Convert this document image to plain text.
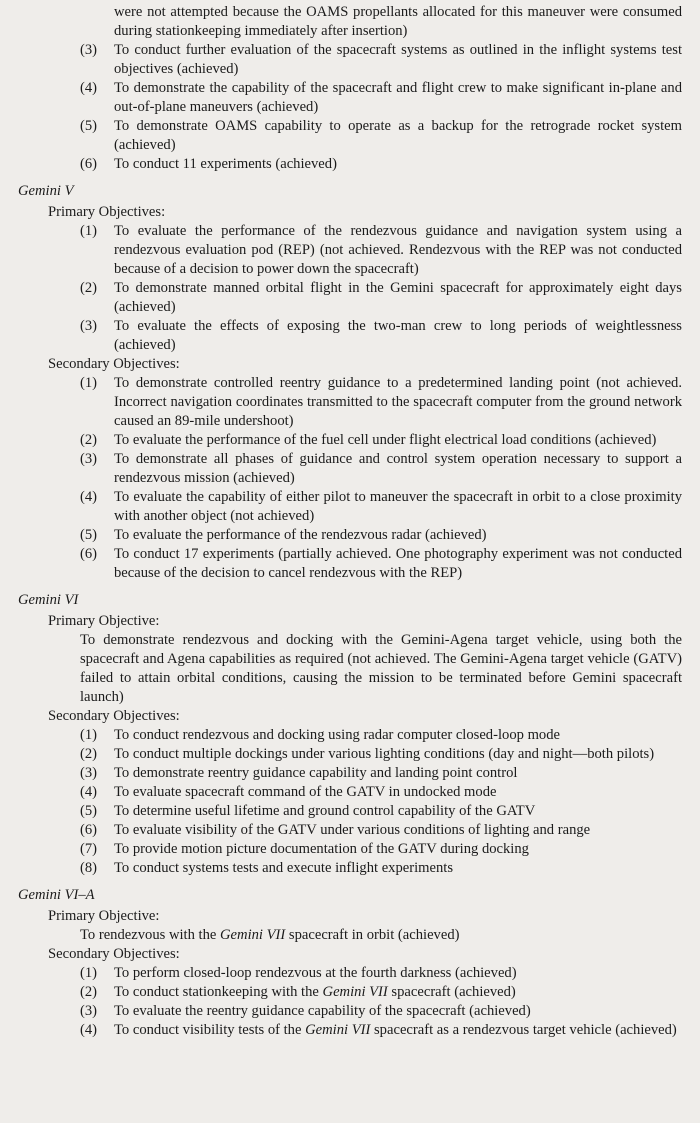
were not attempted because the OAMS propellants allocated for this maneuver were consumed during stationkeeping immediately after insertion)
(3) To conduct further evaluation of the spacecraft systems as outlined in the inflight systems test objectives (achieved)
(4) To demonstrate the capability of the spacecraft and flight crew to make significant in-plane and out-of-plane maneuvers (achieved)
(5) To demonstrate OAMS capability to operate as a backup for the retrograde rocket system (achieved)
(6) To conduct 11 experiments (achieved)
Gemini V
Primary Objectives:
(1) To evaluate the performance of the rendezvous guidance and navigation system using a rendezvous evaluation pod (REP) (not achieved. Rendezvous with the REP was not conducted because of a decision to power down the spacecraft)
(2) To demonstrate manned orbital flight in the Gemini spacecraft for approximately eight days (achieved)
(3) To evaluate the effects of exposing the two-man crew to long periods of weightlessness (achieved)
Secondary Objectives:
(1) To demonstrate controlled reentry guidance to a predetermined landing point (not achieved. Incorrect navigation coordinates transmitted to the spacecraft computer from the ground network caused an 89-mile undershoot)
(2) To evaluate the performance of the fuel cell under flight electrical load conditions (achieved)
(3) To demonstrate all phases of guidance and control system operation necessary to support a rendezvous mission (achieved)
(4) To evaluate the capability of either pilot to maneuver the spacecraft in orbit to a close proximity with another object (not achieved)
(5) To evaluate the performance of the rendezvous radar (achieved)
(6) To conduct 17 experiments (partially achieved. One photography experiment was not conducted because of the decision to cancel rendezvous with the REP)
Gemini VI
Primary Objective:
To demonstrate rendezvous and docking with the Gemini-Agena target vehicle, using both the spacecraft and Agena capabilities as required (not achieved. The Gemini-Agena target vehicle (GATV) failed to attain orbital conditions, causing the mission to be terminated before Gemini spacecraft launch)
Secondary Objectives:
(1) To conduct rendezvous and docking using radar computer closed-loop mode
(2) To conduct multiple dockings under various lighting conditions (day and night—both pilots)
(3) To demonstrate reentry guidance capability and landing point control
(4) To evaluate spacecraft command of the GATV in undocked mode
(5) To determine useful lifetime and ground control capability of the GATV
(6) To evaluate visibility of the GATV under various conditions of lighting and range
(7) To provide motion picture documentation of the GATV during docking
(8) To conduct systems tests and execute inflight experiments
Gemini VI–A
Primary Objective:
To rendezvous with the Gemini VII spacecraft in orbit (achieved)
Secondary Objectives:
(1) To perform closed-loop rendezvous at the fourth darkness (achieved)
(2) To conduct stationkeeping with the Gemini VII spacecraft (achieved)
(3) To evaluate the reentry guidance capability of the spacecraft (achieved)
(4) To conduct visibility tests of the Gemini VII spacecraft as a rendezvous target vehicle (achieved)
